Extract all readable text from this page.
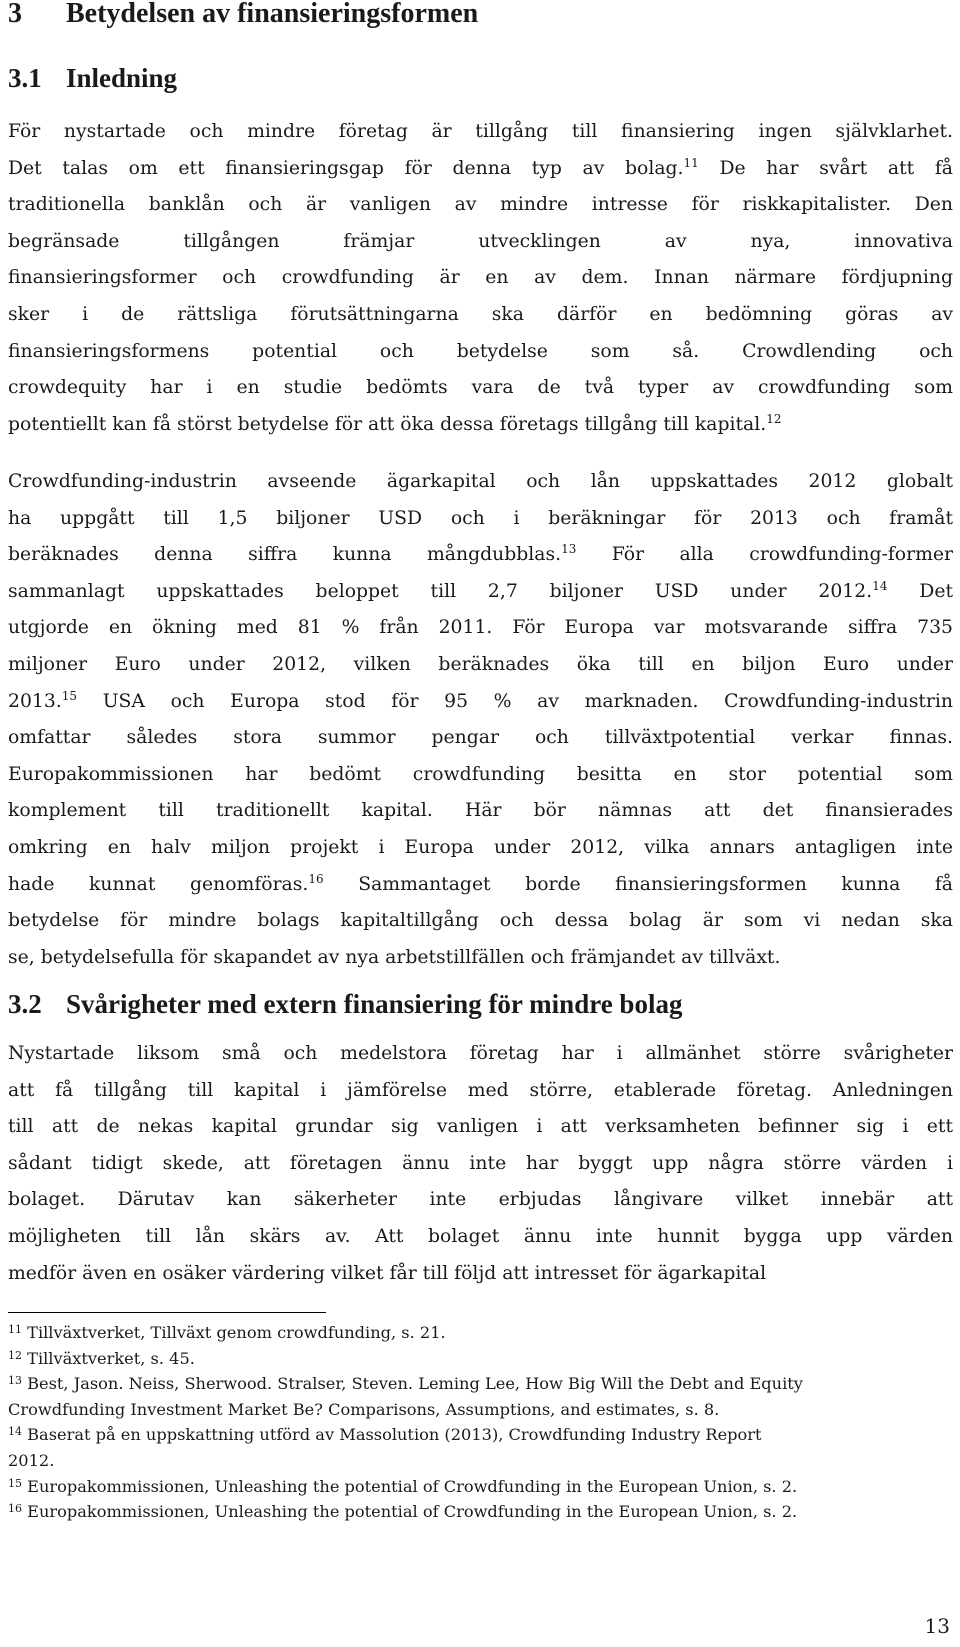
3 Betydelsen av finansieringsformen
3.1 Inledning
För nystartade och mindre företag är tillgång till finansiering ingen självklarhet.
Det talas om ett finansieringsgap för denna typ av bolag.$^{11}$ De har svårt att få
traditionella banklån och är vanligen av mindre intresse för riskkapitalister. Den
begränsade tillgången främjar utvecklingen av nya, innovativa
finansieringsformer och crowdfunding är en av dem. Innan närmare fördjupning
sker i de rättsliga förutsättningarna ska därför en bedömning göras av
finansieringsformens potential och betydelse som så. Crowdlending och
crowdequity har i en studie bedömts vara de två typer av crowdfunding som
potentiellt kan få störst betydelse för att öka dessa företags tillgång till kapital.$^{12}$
Crowdfunding-industrin avseende ägarkapital och lån uppskattades 2012 globalt
ha uppgått till 1,5 biljoner USD och i beräkningar för 2013 och framåt
beräknades denna siffra kunna mångdubblas.$^{13}$ För alla crowdfunding-former
sammanlagt uppskattades beloppet till 2,7 biljoner USD under 2012.14 Det
utgjorde en ökning med 81 % från 2011. För Europa var motsvarande siffra 735
miljoner Euro under 2012, vilken beräknades öka till en biljon Euro under
2013.15 USA och Europa stod för 95 % av marknaden. Crowdfunding-industrin
omfattar således stora summor pengar och tillväxtpotential verkar finnas.
Europakommissionen har bedömt crowdfunding besitta en stor potential som
komplement till traditionellt kapital. Här bör nämnas att det finansierades
omkring en halv miljon projekt i Europa under 2012, vilka annars antagligen inte
hade kunnat genomföras.$^{16}$ Sammantaget borde finansieringsformen kunna få
betydelse för mindre bolags kapitaltillgång och dessa bolag är som vi nedan ska
se, betydelsefulla för skapandet av nya arbetstillfällen och främjandet av tillväxt.
3.2 Svårigheter med extern finansiering för mindre bolag
Nystartade liksom små och medelstora företag har i allmänhet större svårigheter
att få tillgång till kapital i jämförelse med större, etablerade företag. Anledningen
till att de nekas kapital grundar sig vanligen i att verksamheten befinner sig i ett
sådant tidigt skede, att företagen ännu inte har byggt upp några större värden i
bolaget. Därutav kan säkerheter inte erbjudas långivare vilket innebär att
möjligheten till lån skärs av. Att bolaget ännu inte hunnit bygga upp värden
medför även en osäker värdering vilket får till följd att intresset för ägarkapital
$^{11}$ Tillväxtverket, Tillväxt genom crowdfunding, s. 21.
$^{12}$ Tillväxtverket, s. 45.
$^{13}$ Best, Jason. Neiss, Sherwood. Stralser, Steven. Leming Lee, How Big Will the Debt and Equity
Crowdfunding Investment Market Be? Comparisons, Assumptions, and estimates, s. 8.
$^{14}$ Baserat på en uppskattning utförd av Massolution (2013), Crowdfunding Industry Report
2012.
$^{15}$ Europakommissionen, Unleashing the potential of Crowdfunding in the European Union, s. 2.
$^{16}$ Europakommissionen, Unleashing the potential of Crowdfunding in the European Union, s. 2.
13
